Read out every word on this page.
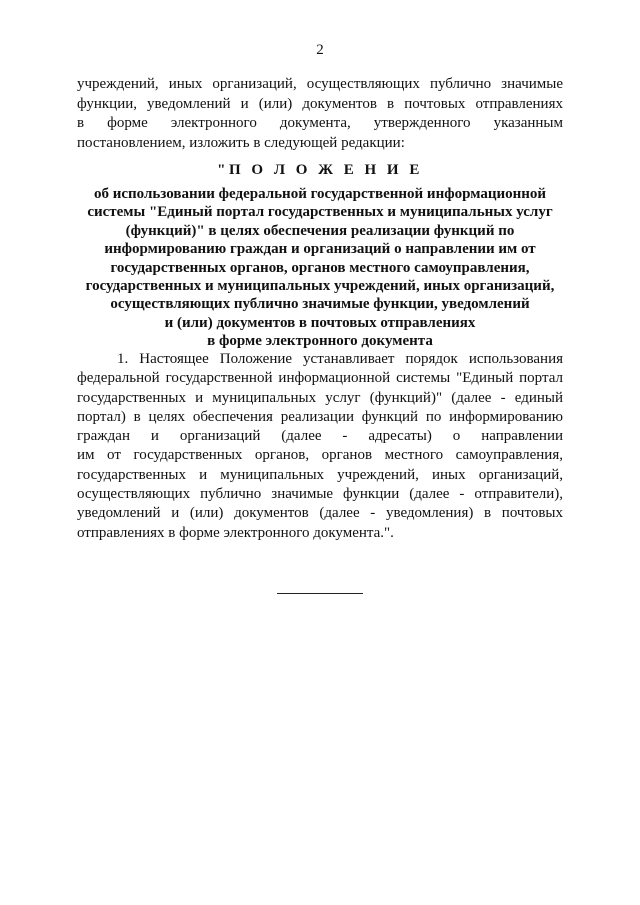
2
учреждений, иных организаций, осуществляющих публично значимые
функции, уведомлений и (или) документов в почтовых отправлениях
в форме электронного документа, утвержденного указанным
постановлением, изложить в следующей редакции:
"П О Л О Ж Е Н И Е
об использовании федеральной государственной информационной
системы "Единый портал государственных и муниципальных услуг
(функций)" в целях обеспечения реализации функций по
информированию граждан и организаций о направлении им от
государственных органов, органов местного самоуправления,
государственных и муниципальных учреждений, иных организаций,
осуществляющих публично значимые функции, уведомлений
и (или) документов в почтовых отправлениях
в форме электронного документа
1. Настоящее Положение устанавливает порядок использования
федеральной государственной информационной системы "Единый портал
государственных и муниципальных услуг (функций)" (далее - единый
портал) в целях обеспечения реализации функций по информированию
граждан и организаций (далее - адресаты) о направлении
им от государственных органов, органов местного самоуправления,
государственных и муниципальных учреждений, иных организаций,
осуществляющих публично значимые функции (далее - отправители),
уведомлений и (или) документов (далее - уведомления) в почтовых
отправлениях в форме электронного документа.".
